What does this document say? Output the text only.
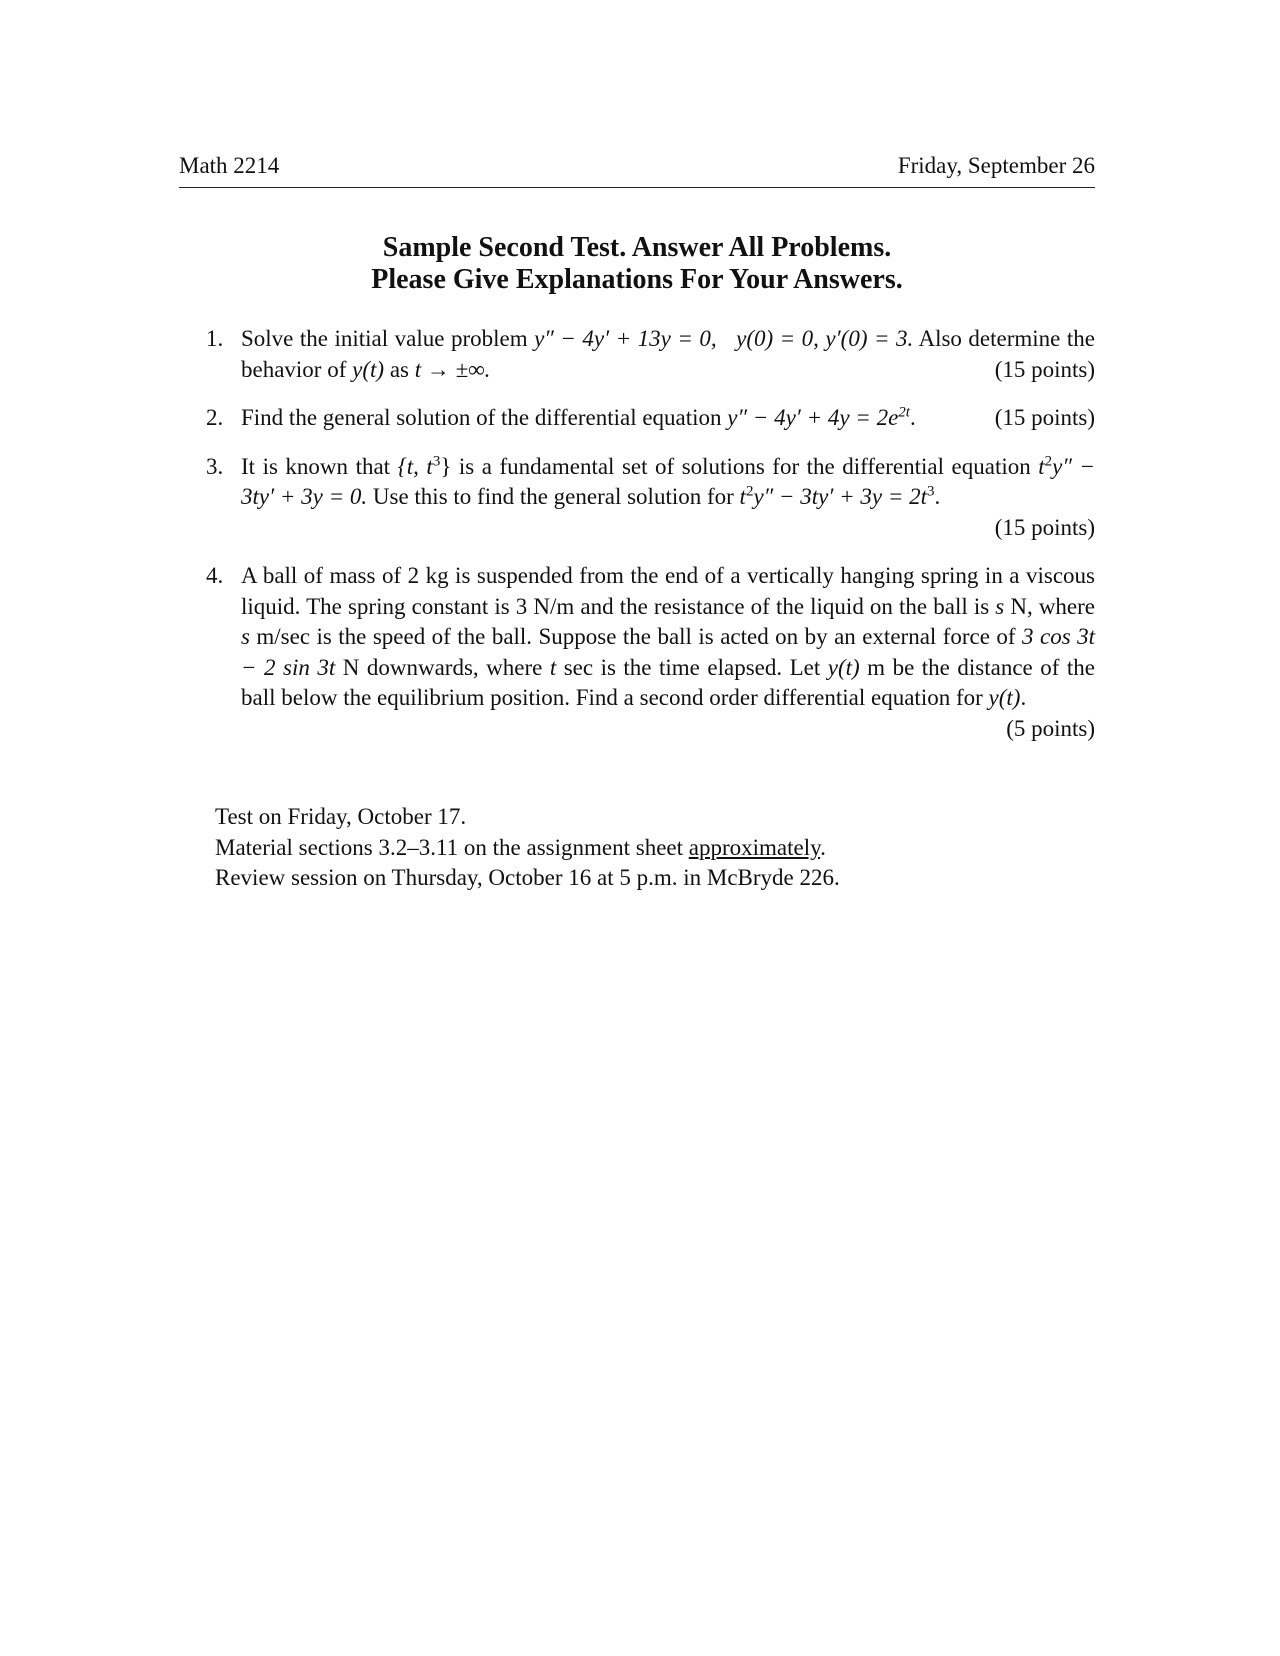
Math 2214	Friday, September 26
Sample Second Test. Answer All Problems.
Please Give Explanations For Your Answers.
1. Solve the initial value problem y″ − 4y′ + 13y = 0, y(0) = 0, y′(0) = 3. Also determine the behavior of y(t) as t → ±∞.	(15 points)
2. Find the general solution of the differential equation $y'' - 4y' + 4y = 2e^{2t}$.	(15 points)
3. It is known that {t, $t^3$} is a fundamental set of solutions for the differential equation $t^2y'' - 3ty' + 3y = 0$. Use this to find the general solution for $t^2y'' - 3ty' + 3y = 2t^3$.
(15 points)
4. A ball of mass of 2 kg is suspended from the end of a vertically hanging spring in a viscous liquid. The spring constant is 3 N/m and the resistance of the liquid on the ball is s N, where s m/sec is the speed of the ball. Suppose the ball is acted on by an external force of 3 cos 3t − 2 sin 3t N downwards, where t sec is the time elapsed. Let y(t) m be the distance of the ball below the equilibrium position. Find a second order differential equation for y(t).
(5 points)
Test on Friday, October 17.
Material sections 3.2–3.11 on the assignment sheet approximately.
Review session on Thursday, October 16 at 5 p.m. in McBryde 226.
